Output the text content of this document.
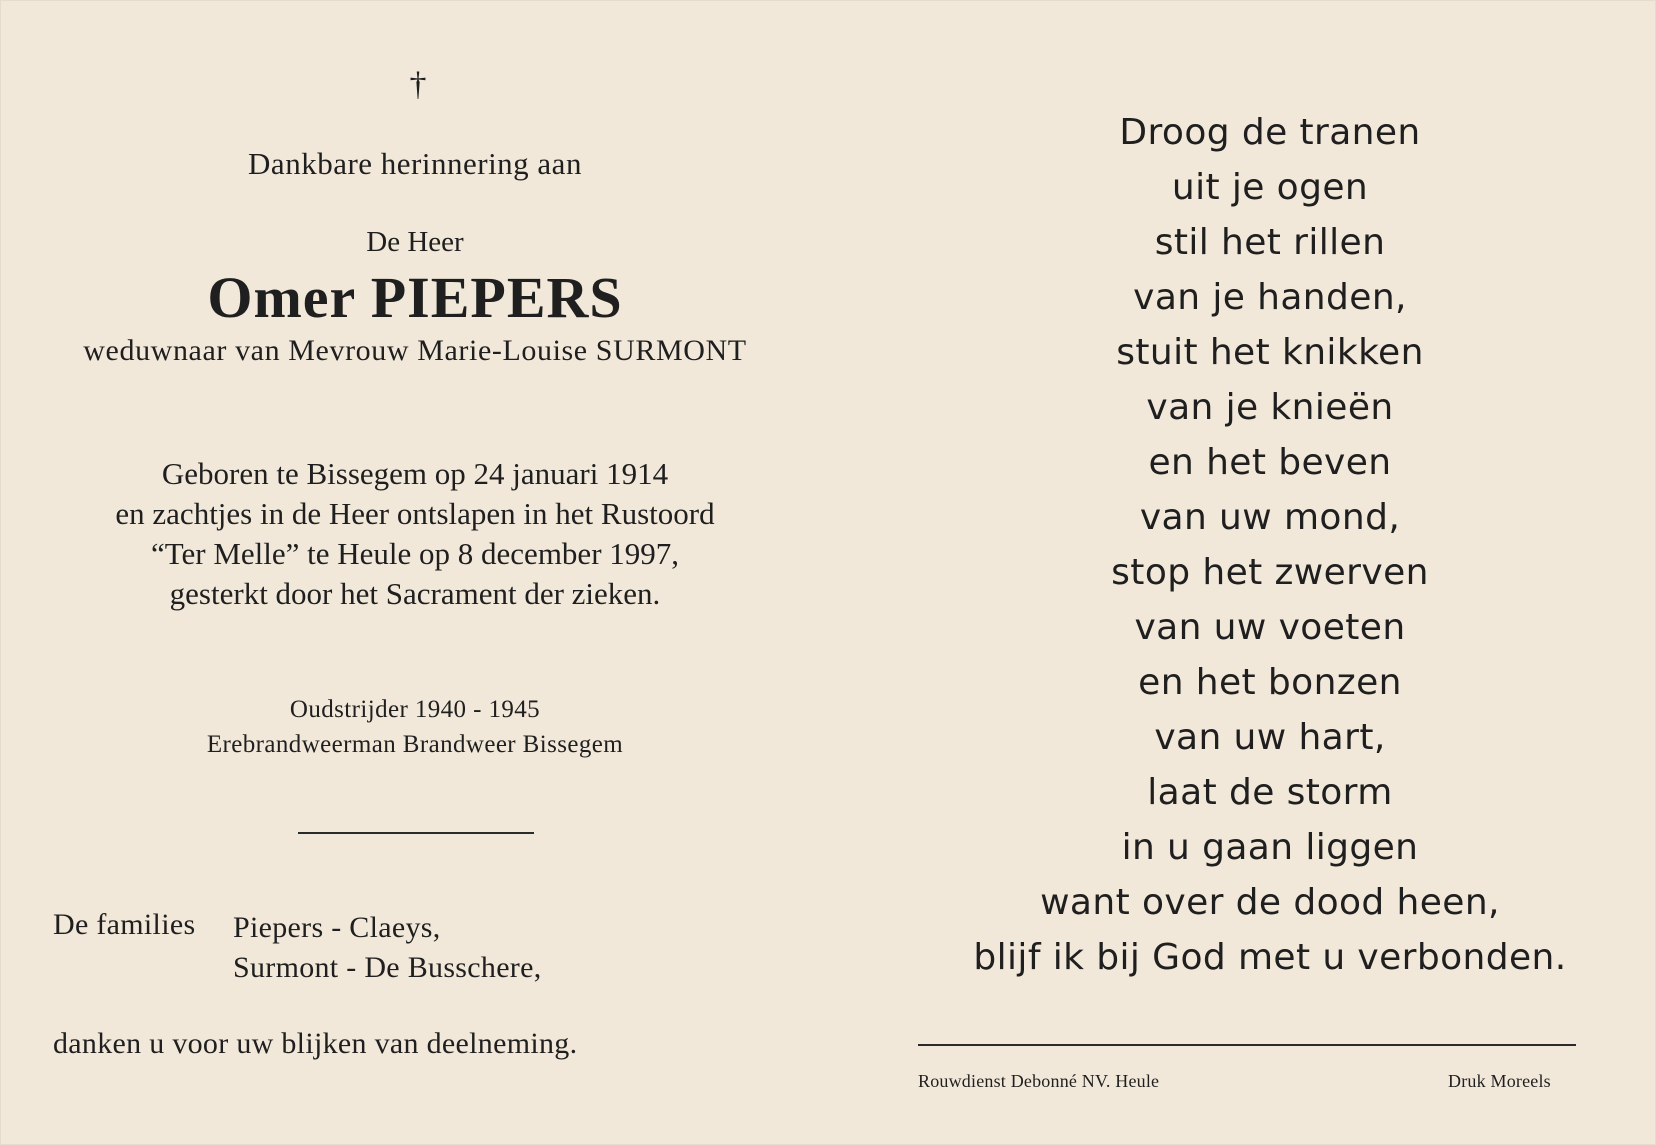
†
Dankbare herinnering aan
De Heer
Omer PIEPERS
weduwnaar van Mevrouw Marie-Louise SURMONT
Geboren te Bissegem op 24 januari 1914
en zachtjes in de Heer ontslapen in het Rustoord
“Ter Melle” te Heule op 8 december 1997,
gesterkt door het Sacrament der zieken.
Oudstrijder 1940 - 1945
Erebrandweerman Brandweer Bissegem
De families Piepers - Claeys,
Surmont - De Busschere,
danken u voor uw blijken van deelneming.
Droog de tranen
uit je ogen
stil het rillen
van je handen,
stuit het knikken
van je knieën
en het beven
van uw mond,
stop het zwerven
van uw voeten
en het bonzen
van uw hart,
laat de storm
in u gaan liggen
want over de dood heen,
blijf ik bij God met u verbonden.
Rouwdienst Debonné NV. Heule	Druk Moreels
